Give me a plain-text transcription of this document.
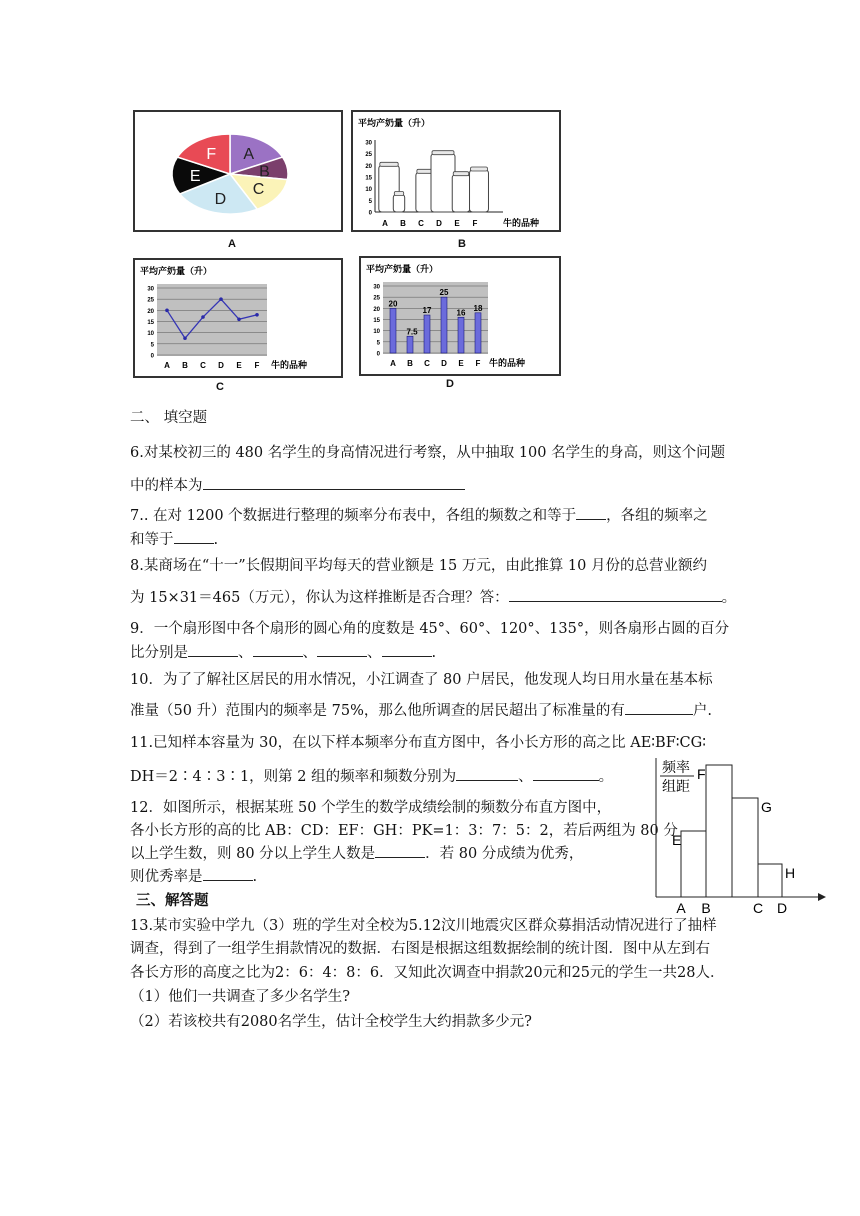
A
B
C
D
E
F
A
平均产奶量（升）
30
25
20
15
10
5
0
A B C D E F	牛的品种
B
平均产奶量（升）
30
25
20
15
10
5
0
A B C D E F 牛的品种
C
平均产奶量（升）
30
25
20
15
10
5
0
20
7.5
17
25
16 18
A B C D E F 牛的品种
D
二、 填空题
6.对某校初三的 480 名学生的身高情况进行考察，从中抽取 100 名学生的身高，则这个问题
中的样本为
7.. 在对 1200 个数据进行整理的频率分布表中，各组的频数之和等于 ，各组的频率之
和等于	.
8.某商场在“十一”长假期间平均每天的营业额是 15 万元，由此推算 10 月份的总营业额约
为 15×31＝465（万元），你认为这样推断是否合理？答：	。
9．一个扇形图中各个扇形的圆心角的度数是 45°、60°、120°、135°，则各扇形占圆的百分
比分别是	、	、	、	.
10．为了了解社区居民的用水情况，小江调查了 80 户居民，他发现人均日用水量在基本标
准量（50 升）范围内的频率是 75%，那么他所调查的居民超出了标准量的有	户.
11.已知样本容量为 30，在以下样本频率分布直方图中，各小长方形的高之比 AE∶BF∶CG∶
DH＝2∶4∶3∶1，则第 2 组的频率和频数分别为	、	。
12．如图所示，根据某班 50 个学生的数学成绩绘制的频数分布直方图中，
各小长方形的高的比 AB：CD：EF：GH：PK=1：3：7：5：2，若后两组为 80 分
以上学生数，则 80 分以上学生人数是	．若 80 分成绩为优秀，
则优秀率是	.
三、解答题
13.某市实验中学九（3）班的学生对全校为5.12汶川地震灾区群众募捐活动情况进行了抽样
调查，得到了一组学生捐款情况的数据．右图是根据这组数据绘制的统计图．图中从左到右
各长方形的高度之比为2：6：4：8：6．又知此次调查中捐款20元和25元的学生一共28人．
（1）他们一共调查了多少名学生?
（2）若该校共有2080名学生，估计全校学生大约捐款多少元?
频率
组距
E
F
G
H
A B	C D
